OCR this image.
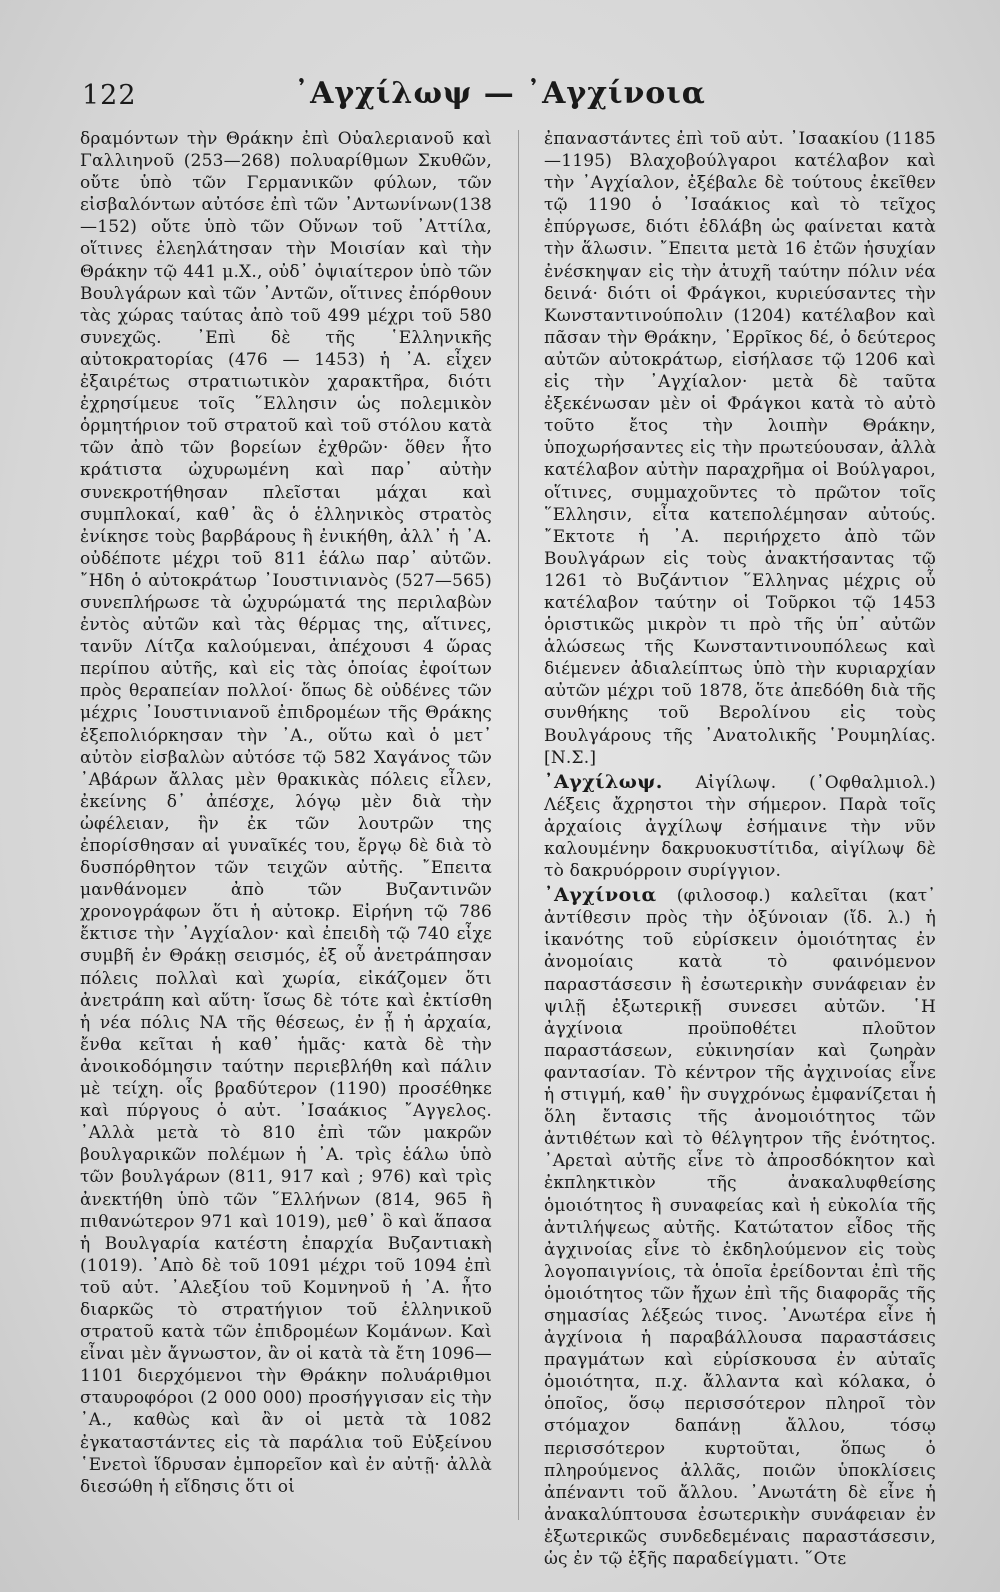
122	᾿Αγχίλωψ — ᾿Αγχίνοια

δραμόντων τὴν Θράκην ἐπὶ Οὐαλεριανοῦ καὶ Γαλλιηνοῦ (253—268) πολυαρίθμων Σκυθῶν, οὔτε ὑπὸ τῶν Γερμανικῶν φύλων, τῶν εἰσβαλόντων αὐτόσε ἐπὶ τῶν ᾿Αντωνίνων(138—152) οὔτε ὑπὸ τῶν Οὔνων τοῦ ᾿Αττίλα, οἵτινες ἐλεηλάτησαν τὴν Μοισίαν καὶ τὴν Θράκην τῷ 441 μ.Χ., οὐδ᾿ ὀψιαίτερον ὑπὸ τῶν Βουλγάρων καὶ τῶν ᾿Αντῶν, οἵτινες ἐπόρθουν τὰς χώρας ταύτας ἀπὸ τοῦ 499 μέχρι τοῦ 580 συνεχῶς. ᾿Επὶ δὲ τῆς ῾Ελληνικῆς αὐτοκρατορίας (476 — 1453) ἡ ᾿Α. εἶχεν ἐξαιρέτως στρατιωτικὸν χαρακτῆρα, διότι ἐχρησίμευε τοῖς ῞Ελλησιν ὡς πολεμικὸν ὁρμητήριον τοῦ στρατοῦ καὶ τοῦ στόλου κατὰ τῶν ἀπὸ τῶν βορείων ἐχθρῶν· ὅθεν ἦτο κράτιστα ὠχυρωμένη καὶ παρ᾿ αὐτὴν συνεκροτήθησαν πλεῖσται μάχαι καὶ συμπλοκαί, καθ᾿ ἃς ὁ ἑλληνικὸς στρατὸς ἐνίκησε τοὺς βαρβάρους ἢ ἐνικήθη, ἀλλ᾿ ἡ ᾿Α. οὐδέποτε μέχρι τοῦ 811 ἑάλω παρ᾿ αὐτῶν. ῎Ηδη ὁ αὐτοκράτωρ ᾿Ιουστινιανὸς (527—565) συνεπλήρωσε τὰ ὠχυρώματά της περιλαβὼν ἐντὸς αὐτῶν καὶ τὰς θέρμας της, αἵτινες, τανῦν Λίτζα καλούμεναι, ἀπέχουσι 4 ὥρας περίπου αὐτῆς, καὶ εἰς τὰς ὁποίας ἐφοίτων πρὸς θεραπείαν πολλοί· ὅπως δὲ οὐδένες τῶν μέχρις ᾿Ιουστινιανοῦ ἐπιδρομέων τῆς Θράκης ἐξεπολιόρκησαν τὴν ᾿Α., οὕτω καὶ ὁ μετ᾿ αὐτὸν εἰσβαλὼν αὐτόσε τῷ 582 Χαγάνος τῶν ᾿Αβάρων ἄλλας μὲν θρακικὰς πόλεις εἶλεν, ἐκείνης δ᾿ ἀπέσχε, λόγῳ μὲν διὰ τὴν ὠφέλειαν, ἣν ἐκ τῶν λουτρῶν της ἐπορίσθησαν αἱ γυναῖκές του, ἔργῳ δὲ διὰ τὸ δυσπόρθητον τῶν τειχῶν αὐτῆς. ῎Επειτα μανθάνομεν ἀπὸ τῶν Βυζαντινῶν χρονογράφων ὅτι ἡ αὐτοκρ. Εἰρήνη τῷ 786 ἔκτισε τὴν ᾿Αγχίαλον· καὶ ἐπειδὴ τῷ 740 εἶχε συμβῆ ἐν Θράκῃ σεισμός, ἐξ οὗ ἀνετράπησαν πόλεις πολλαὶ καὶ χωρία, εἰκάζομεν ὅτι ἀνετράπη καὶ αὕτη· ἴσως δὲ τότε καὶ ἐκτίσθη ἡ νέα πόλις ΝΑ τῆς θέσεως, ἐν ᾗ ἡ ἀρχαία, ἔνθα κεῖται ἡ καθ᾿ ἡμᾶς· κατὰ δὲ τὴν ἀνοικοδόμησιν ταύτην περιεβλήθη καὶ πάλιν μὲ τείχη. οἷς βραδύτερον (1190) προσέθηκε καὶ πύργους ὁ αὐτ. ᾿Ισαάκιος ῎Αγγελος. ᾿Αλλὰ μετὰ τὸ 810 ἐπὶ τῶν μακρῶν βουλγαρικῶν πολέμων ἡ ᾿Α. τρὶς ἑάλω ὑπὸ τῶν βουλγάρων (811, 917 καὶ ; 976) καὶ τρὶς ἀνεκτήθη ὑπὸ τῶν ῞Ελλήνων (814, 965 ἢ πιθανώτερον 971 καὶ 1019), μεθ᾿ ὃ καὶ ἅπασα ἡ Βουλγαρία κατέστη ἐπαρχία Βυζαντιακὴ (1019). ᾿Απὸ δὲ τοῦ 1091 μέχρι τοῦ 1094 ἐπὶ τοῦ αὐτ. ᾿Αλεξίου τοῦ Κομνηνοῦ ἡ ᾿Α. ἦτο διαρκῶς τὸ στρατήγιον τοῦ ἑλληνικοῦ στρατοῦ κατὰ τῶν ἐπιδρομέων Κομάνων. Καὶ εἶναι μὲν ἄγνωστον, ἂν οἱ κατὰ τὰ ἔτη 1096—1101 διερχόμενοι τὴν Θράκην πολυάριθμοι σταυροφόροι (2 000 000) προσήγγισαν εἰς τὴν ᾿Α., καθὼς καὶ ἂν οἱ μετὰ τὰ 1082 ἐγκαταστάντες εἰς τὰ παράλια τοῦ Εὐξείνου ῾Ενετοὶ ἵδρυσαν ἐμπορεῖον καὶ ἐν αὐτῇ· ἀλλὰ διεσώθη ἡ εἴδησις ὅτι οἱ

ἐπαναστάντες ἐπὶ τοῦ αὐτ. ᾿Ισαακίου (1185—1195) Βλαχοβούλγαροι κατέλαβον καὶ τὴν ᾿Αγχίαλον, ἐξέβαλε δὲ τούτους ἐκεῖθεν τῷ 1190 ὁ ᾿Ισαάκιος καὶ τὸ τεῖχος ἐπύργωσε, διότι ἐδλάβη ὡς φαίνεται κατὰ τὴν ἅλωσιν. ῎Επειτα μετὰ 16 ἐτῶν ἡσυχίαν ἐνέσκηψαν εἰς τὴν ἀτυχῆ ταύτην πόλιν νέα δεινά· διότι οἱ Φράγκοι, κυριεύσαντες τὴν Κωνσταντινούπολιν (1204) κατέλαβον καὶ πᾶσαν τὴν Θράκην, ῾Ερρῖκος δέ, ὁ δεύτερος αὐτῶν αὐτοκράτωρ, εἰσήλασε τῷ 1206 καὶ εἰς τὴν ᾿Αγχίαλον· μετὰ δὲ ταῦτα ἐξεκένωσαν μὲν οἱ Φράγκοι κατὰ τὸ αὐτὸ τοῦτο ἔτος τὴν λοιπὴν Θράκην, ὑποχωρήσαντες εἰς τὴν πρωτεύουσαν, ἀλλὰ κατέλαβον αὐτὴν παραχρῆμα οἱ Βούλγαροι, οἵτινες, συμμαχοῦντες τὸ πρῶτον τοῖς ῞Ελλησιν, εἶτα κατεπολέμησαν αὐτούς. ῎Εκτοτε ἡ ᾿Α. περιήρχετο ἀπὸ τῶν Βουλγάρων εἰς τοὺς ἀνακτήσαντας τῷ 1261 τὸ Βυζάντιον ῞Ελληνας μέχρις οὗ κατέλαβον ταύτην οἱ Τοῦρκοι τῷ 1453 ὁριστικῶς μικρὸν τι πρὸ τῆς ὑπ᾿ αὐτῶν ἁλώσεως τῆς Κωνσταντινουπόλεως καὶ διέμενεν ἀδιαλείπτως ὑπὸ τὴν κυριαρχίαν αὐτῶν μέχρι τοῦ 1878, ὅτε ἀπεδόθη διὰ τῆς συνθήκης τοῦ Βερολίνου εἰς τοὺς Βουλγάρους τῆς ᾿Ανατολικῆς ῾Ρουμηλίας. [Ν.Σ.]

᾿Αγχίλωψ. Αἰγίλωψ. (᾿Οφθαλμιολ.) Λέξεις ἄχρηστοι τὴν σήμερον. Παρὰ τοῖς ἀρχαίοις ἀγχίλωψ ἐσήμαινε τὴν νῦν καλουμένην δακρυοκυστίτιδα, αἰγίλωψ δὲ τὸ δακρυόρροιν συρίγγιον.

᾿Αγχίνοια (φιλοσοφ.) καλεῖται (κατ᾿ ἀντίθεσιν πρὸς τὴν ὀξύνοιαν (ἴδ. λ.) ἡ ἱκανότης τοῦ εὑρίσκειν ὁμοιότητας ἐν ἀνομοίαις κατὰ τὸ φαινόμενον παραστάσεσιν ἢ ἐσωτερικὴν συνάφειαν ἐν ψιλῇ ἐξωτερικῇ συνεσει αὐτῶν. ῾Η ἀγχίνοια προϋποθέτει πλοῦτον παραστάσεων, εὐκινησίαν καὶ ζωηρὰν φαντασίαν. Τὸ κέντρον τῆς ἀγχινοίας εἶνε ἡ στιγμή, καθ᾿ ἣν συγχρόνως ἐμφανίζεται ἡ ὅλη ἔντασις τῆς ἀνομοιότητος τῶν ἀντιθέτων καὶ τὸ θέλγητρον τῆς ἑνότητος. ᾿Αρεταὶ αὐτῆς εἶνε τὸ ἀπροσδόκητον καὶ ἐκπληκτικὸν τῆς ἀνακαλυφθείσης ὁμοιότητος ἢ συναφείας καὶ ἡ εὐκολία τῆς ἀντιλήψεως αὐτῆς. Κατώτατον εἶδος τῆς ἀγχινοίας εἶνε τὸ ἐκδηλούμενον εἰς τοὺς λογοπαιγνίοις, τὰ ὁποῖα ἐρείδονται ἐπὶ τῆς ὁμοιότητος τῶν ἤχων ἐπὶ τῆς διαφορᾶς τῆς σημασίας λέξεώς τινος. ᾿Ανωτέρα εἶνε ἡ ἀγχίνοια ἡ παραβάλλουσα παραστάσεις πραγμάτων καὶ εὑρίσκουσα ἐν αὐταῖς ὁμοιότητα, π.χ. ἄλλαντα καὶ κόλακα, ὁ ὁποῖος, ὅσῳ περισσότερον πληροῖ τὸν στόμαχον δαπάνῃ ἄλλου, τόσῳ περισσότερον κυρτοῦται, ὅπως ὁ πληρούμενος ἀλλᾶς, ποιῶν ὑποκλίσεις ἀπέναντι τοῦ ἄλλου. ᾿Ανωτάτη δὲ εἶνε ἡ ἀνακαλύπτουσα ἐσωτερικὴν συνάφειαν ἐν ἐξωτερικῶς συνδεδεμέναις παραστάσεσιν, ὡς ἐν τῷ ἑξῆς παραδείγματι. ῞Οτε
